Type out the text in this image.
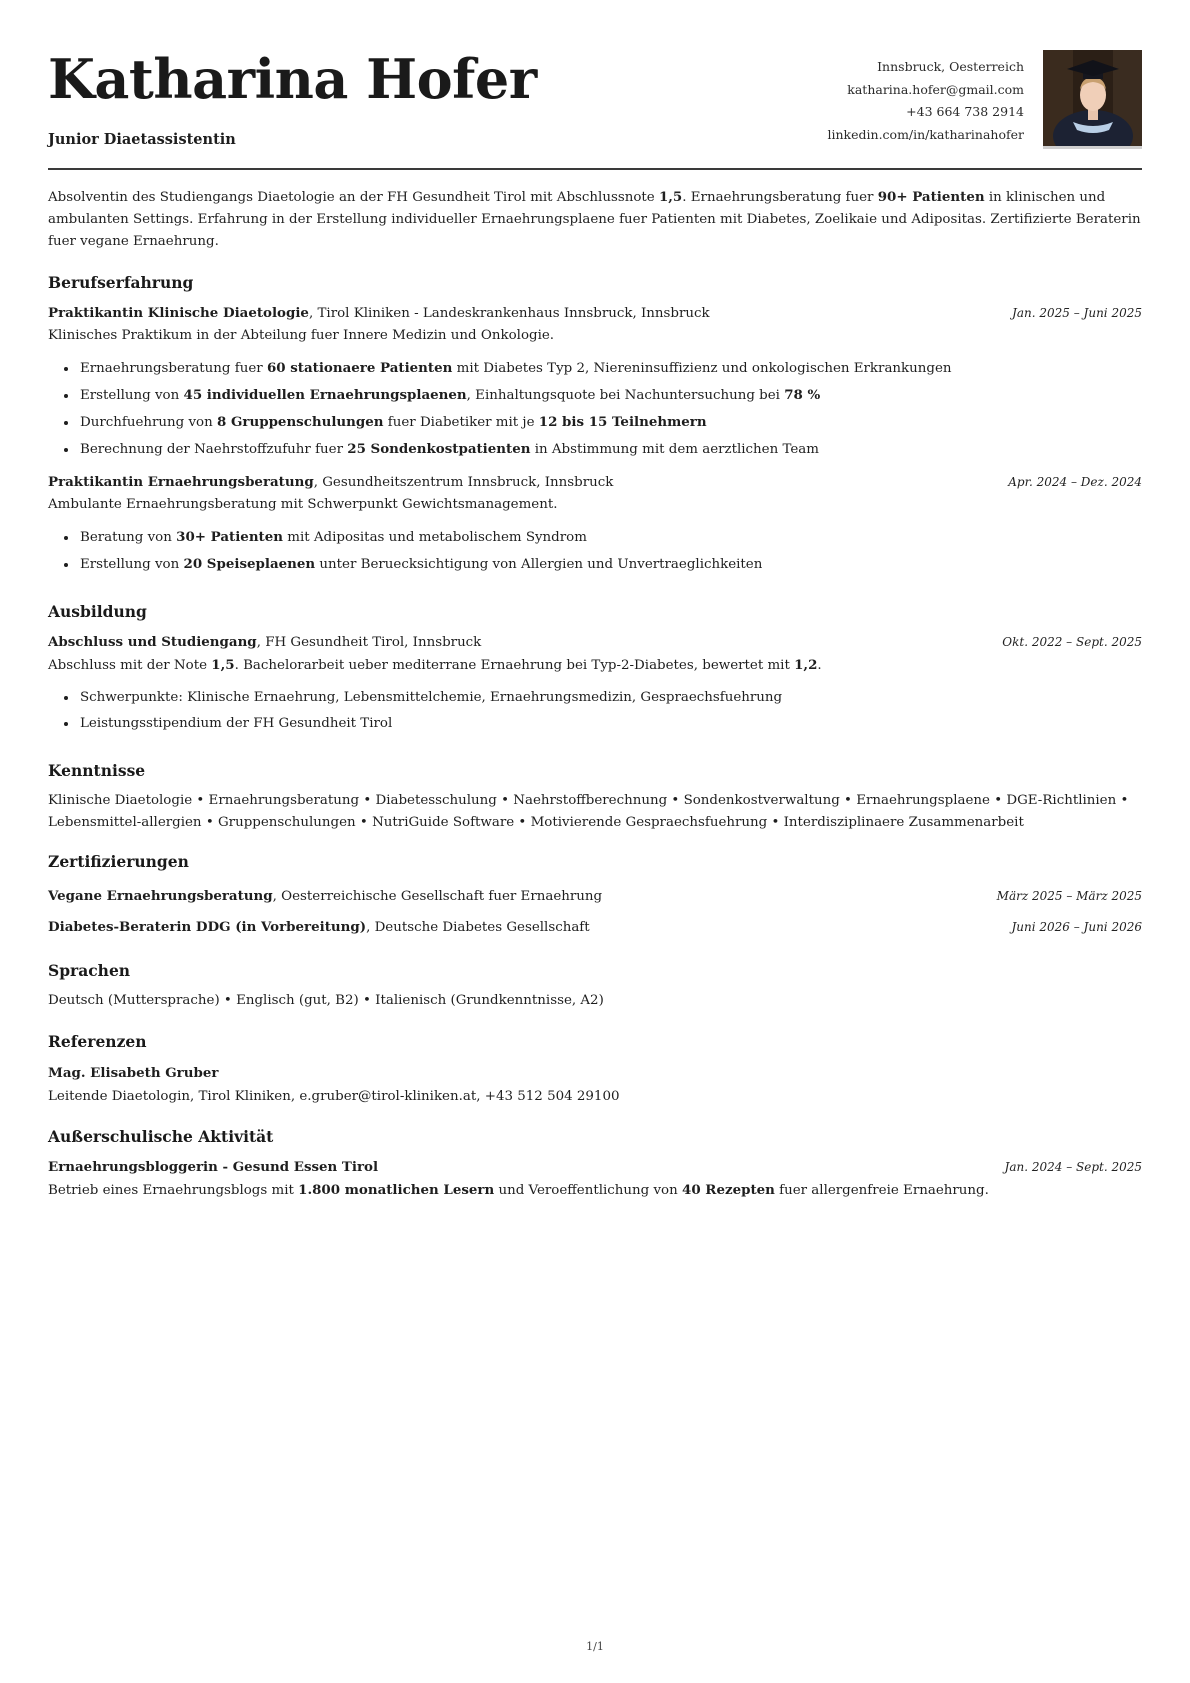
Katharina Hofer
Junior Diaetassistentin
Innsbruck, Oesterreich
katharina.hofer@gmail.com
+43 664 738 2914
linkedin.com/in/katharinahofer
Absolventin des Studiengangs Diaetologie an der FH Gesundheit Tirol mit Abschlussnote 1,5. Ernaehrungsberatung fuer 90+ Patienten in klinischen und ambulanten Settings. Erfahrung in der Erstellung individueller Ernaehrungsplaene fuer Patienten mit Diabetes, Zoelikaie und Adipositas. Zertifizierte Beraterin fuer vegane Ernaehrung.
Berufserfahrung
Praktikantin Klinische Diaetologie, Tirol Kliniken - Landeskrankenhaus Innsbruck, Innsbruck	Jan. 2025 – Juni 2025
Klinisches Praktikum in der Abteilung fuer Innere Medizin und Onkologie.
• Ernaehrungsberatung fuer 60 stationaere Patienten mit Diabetes Typ 2, Niereninsuffizienz und onkologischen Erkrankungen
• Erstellung von 45 individuellen Ernaehrungsplaenen, Einhaltungsquote bei Nachuntersuchung bei 78 %
• Durchfuehrung von 8 Gruppenschulungen fuer Diabetiker mit je 12 bis 15 Teilnehmern
• Berechnung der Naehrstoffzufuhr fuer 25 Sondenkostpatienten in Abstimmung mit dem aerztlichen Team
Praktikantin Ernaehrungsberatung, Gesundheitszentrum Innsbruck, Innsbruck	Apr. 2024 – Dez. 2024
Ambulante Ernaehrungsberatung mit Schwerpunkt Gewichtsmanagement.
• Beratung von 30+ Patienten mit Adipositas und metabolischem Syndrom
• Erstellung von 20 Speiseplaenen unter Beruecksichtigung von Allergien und Unvertraeglichkeiten
Ausbildung
Abschluss und Studiengang, FH Gesundheit Tirol, Innsbruck	Okt. 2022 – Sept. 2025
Abschluss mit der Note 1,5. Bachelorarbeit ueber mediterrane Ernaehrung bei Typ-2-Diabetes, bewertet mit 1,2.
• Schwerpunkte: Klinische Ernaehrung, Lebensmittelchemie, Ernaehrungsmedizin, Gespraechsfuehrung
• Leistungsstipendium der FH Gesundheit Tirol
Kenntnisse
Klinische Diaetologie • Ernaehrungsberatung • Diabetesschulung • Naehrstoffberechnung • Sondenkostverwaltung • Ernaehrungsplaene • DGE-Richtlinien • Lebensmittel-allergien • Gruppenschulungen • NutriGuide Software • Motivierende Gespraechsfuehrung • Interdisziplinaere Zusammenarbeit
Zertifizierungen
Vegane Ernaehrungsberatung, Oesterreichische Gesellschaft fuer Ernaehrung	März 2025 – März 2025
Diabetes-Beraterin DDG (in Vorbereitung), Deutsche Diabetes Gesellschaft	Juni 2026 – Juni 2026
Sprachen
Deutsch (Muttersprache) • Englisch (gut, B2) • Italienisch (Grundkenntnisse, A2)
Referenzen
Mag. Elisabeth Gruber
Leitende Diaetologin, Tirol Kliniken, e.gruber@tirol-kliniken.at, +43 512 504 29100
Außerschulische Aktivität
Ernaehrungsbloggerin - Gesund Essen Tirol	Jan. 2024 – Sept. 2025
Betrieb eines Ernaehrungsblogs mit 1.800 monatlichen Lesern und Veroeffentlichung von 40 Rezepten fuer allergenfreie Ernaehrung.
1/1
